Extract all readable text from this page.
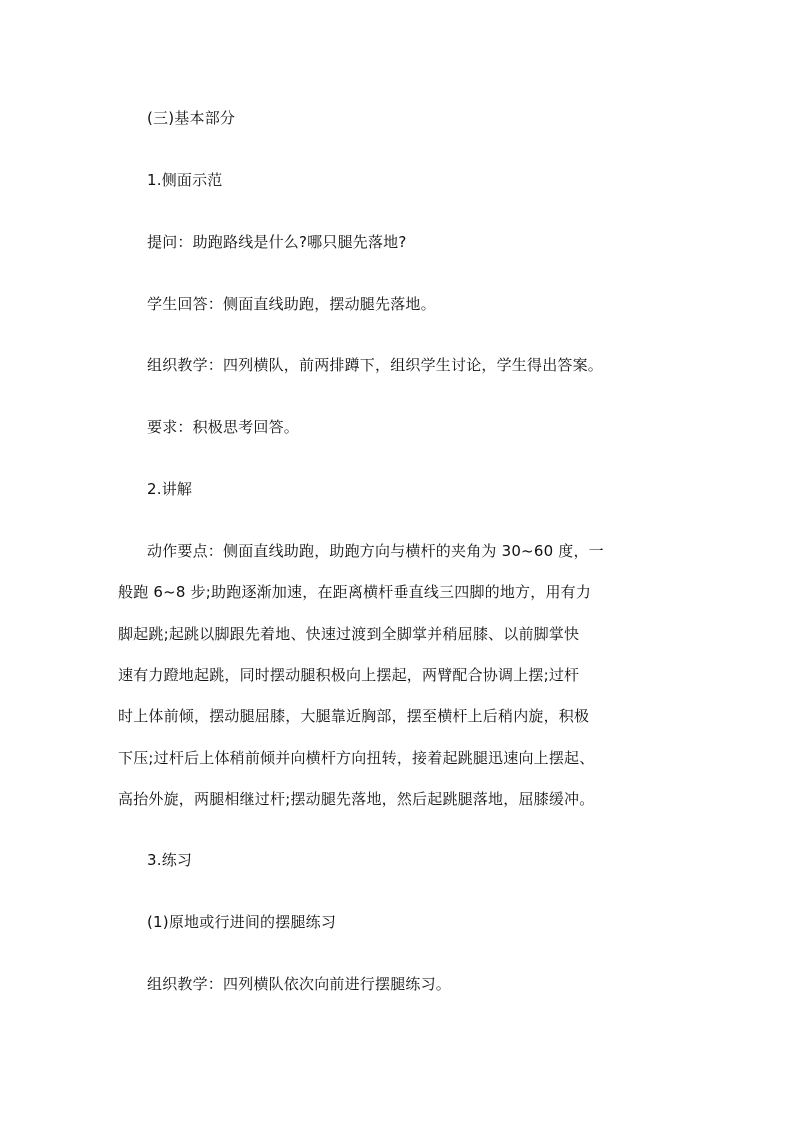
(三)基本部分
1.侧面示范
提问：助跑路线是什么?哪只腿先落地?
学生回答：侧面直线助跑，摆动腿先落地。
组织教学：四列横队，前两排蹲下，组织学生讨论，学生得出答案。
要求：积极思考回答。
2.讲解
动作要点：侧面直线助跑，助跑方向与横杆的夹角为 30~60 度，一
般跑 6~8 步;助跑逐渐加速，在距离横杆垂直线三四脚的地方，用有力
脚起跳;起跳以脚跟先着地、快速过渡到全脚掌并稍屈膝、以前脚掌快
速有力蹬地起跳，同时摆动腿积极向上摆起，两臂配合协调上摆;过杆
时上体前倾，摆动腿屈膝，大腿靠近胸部，摆至横杆上后稍内旋，积极
下压;过杆后上体稍前倾并向横杆方向扭转，接着起跳腿迅速向上摆起、
高抬外旋，两腿相继过杆;摆动腿先落地，然后起跳腿落地，屈膝缓冲。
3.练习
(1)原地或行进间的摆腿练习
组织教学：四列横队依次向前进行摆腿练习。
